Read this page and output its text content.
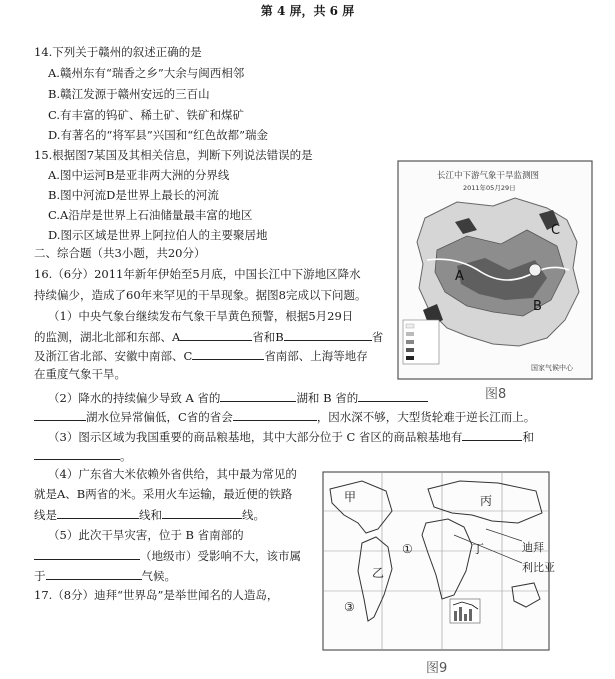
第 4 屏，共 6 屏
14.下列关于赣州的叙述正确的是
A.赣州东有“瑞香之乡”大余与闽西相邻
B.赣江发源于赣州安远的三百山
C.有丰富的钨矿、稀土矿、铁矿和煤矿
D.有著名的“将军县”兴国和“红色故都”瑞金
15.根据图7某国及其相关信息，判断下列说法错误的是
A.图中运河B是亚非两大洲的分界线
B.图中河流D是世界上最长的河流
C.A沿岸是世界上石油储量最丰富的地区
D.图示区域是世界上阿拉伯人的主要聚居地
二、综合题（共3小题，共20分）
16.（6分）2011年新年伊始至5月底，中国长江中下游地区降水
持续偏少，造成了60年来罕见的干旱现象。据图8完成以下问题。
（1）中央气象台继续发布气象干旱黄色预警，根据5月29日
的监测，湖北北部和东部、A	省和B	省
及浙江省北部、安徽中南部、C	省南部、上海等地存
在重度气象干旱。
（2）降水的持续偏少导致 A 省的	湖和 B 省的
湖水位异常偏低，C省的省会	，因水深不够，大型货轮难于逆长江而上。
（3）图示区域为我国重要的商品粮基地，其中大部分位于 C 省区的商品粮基地有	和
。
（4）广东省大米依赖外省供给，其中最为常见的
就是A、B两省的米。采用火车运输，最近便的铁路
线是	线和	线。
（5）此次干旱灾害，位于 B 省南部的
（地级市）受影响不大，该市属
于	气候。
17.（8分）迪拜“世界岛”是举世闻名的人造岛，
长江中下游气象干旱监测图
2011年05月29日
A
B
C
国家气候中心
图8
甲	丙
丁
乙
①
③
迪拜
利比亚
图9
